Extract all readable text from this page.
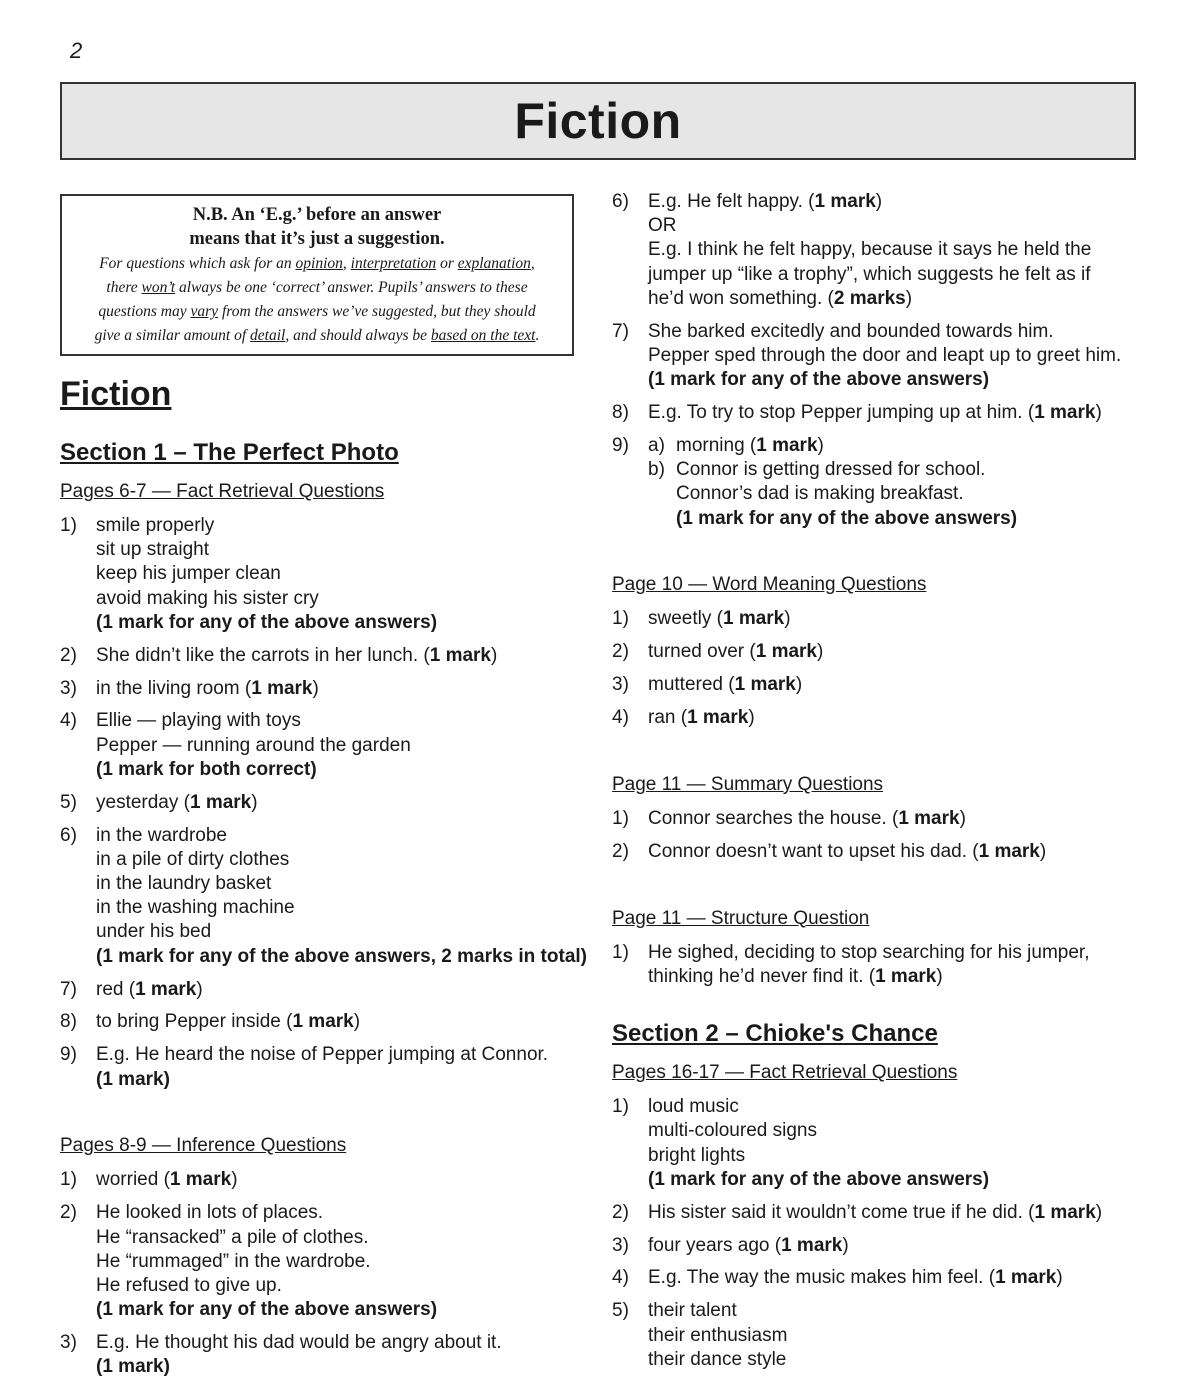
2
Fiction
N.B. An ‘E.g.’ before an answer
means that it’s just a suggestion.
For questions which ask for an opinion, interpretation or explanation,
there won’t always be one ‘correct’ answer. Pupils’ answers to these
questions may vary from the answers we’ve suggested, but they should
give a similar amount of detail, and should always be based on the text.
Fiction
Section 1 – The Perfect Photo
Pages 6-7 — Fact Retrieval Questions
1)	smile properly
sit up straight
keep his jumper clean
avoid making his sister cry
(1 mark for any of the above answers)
2)	She didn’t like the carrots in her lunch. (1 mark)
3)	in the living room (1 mark)
4)	Ellie — playing with toys
Pepper — running around the garden
(1 mark for both correct)
5)	yesterday (1 mark)
6)	in the wardrobe
in a pile of dirty clothes
in the laundry basket
in the washing machine
under his bed
(1 mark for any of the above answers, 2 marks in total)
7)	red (1 mark)
8)	to bring Pepper inside (1 mark)
9)	E.g. He heard the noise of Pepper jumping at Connor.
(1 mark)
Pages 8-9 — Inference Questions
1)	worried (1 mark)
2)	He looked in lots of places.
He “ransacked” a pile of clothes.
He “rummaged” in the wardrobe.
He refused to give up.
(1 mark for any of the above answers)
3)	E.g. He thought his dad would be angry about it.
(1 mark)
6)	E.g. He felt happy. (1 mark)
OR
E.g. I think he felt happy, because it says he held the
jumper up “like a trophy”, which suggests he felt as if
he’d won something. (2 marks)
7)	She barked excitedly and bounded towards him.
Pepper sped through the door and leapt up to greet him.
(1 mark for any of the above answers)
8)	E.g. To try to stop Pepper jumping up at him. (1 mark)
9)	a) morning (1 mark)
b) Connor is getting dressed for school.
Connor’s dad is making breakfast.
(1 mark for any of the above answers)
Page 10 — Word Meaning Questions
1)	sweetly (1 mark)
2)	turned over (1 mark)
3)	muttered (1 mark)
4)	ran (1 mark)
Page 11 — Summary Questions
1)	Connor searches the house. (1 mark)
2)	Connor doesn’t want to upset his dad. (1 mark)
Page 11 — Structure Question
1)	He sighed, deciding to stop searching for his jumper,
thinking he’d never find it. (1 mark)
Section 2 – Chioke's Chance
Pages 16-17 — Fact Retrieval Questions
1)	loud music
multi-coloured signs
bright lights
(1 mark for any of the above answers)
2)	His sister said it wouldn’t come true if he did. (1 mark)
3)	four years ago (1 mark)
4)	E.g. The way the music makes him feel. (1 mark)
5)	their talent
their enthusiasm
their dance style
